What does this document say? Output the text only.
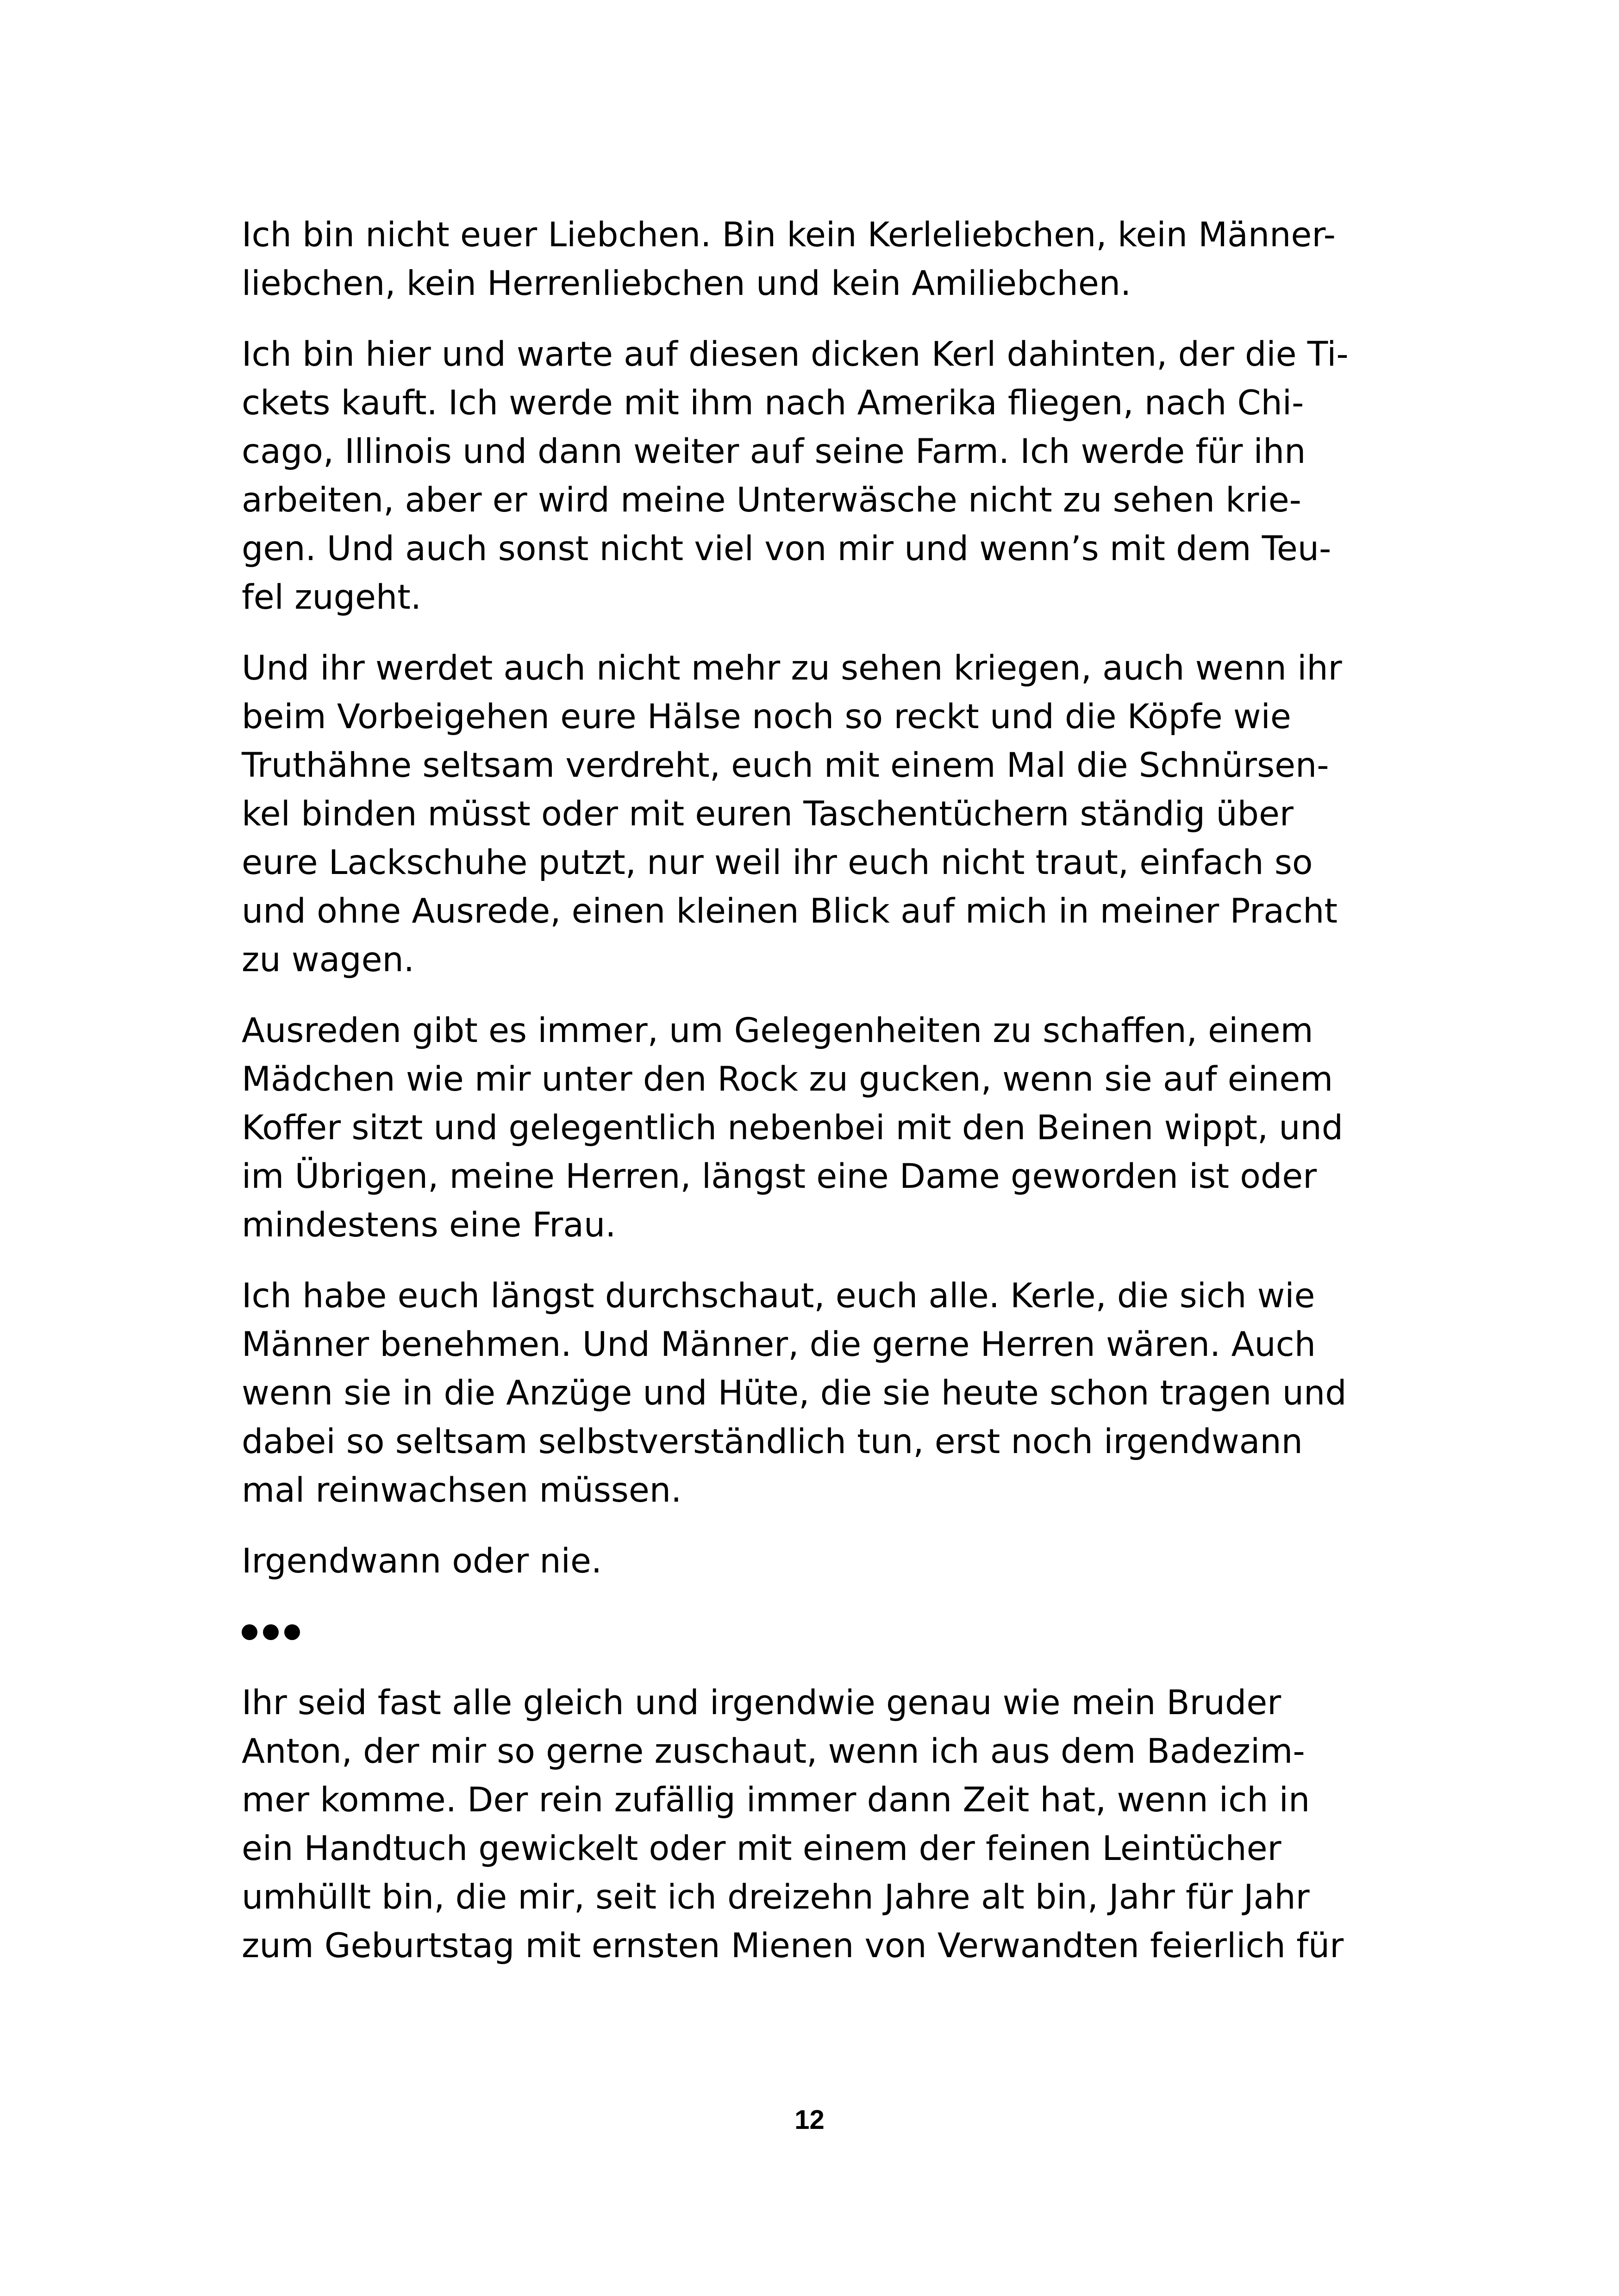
Ich bin nicht euer Liebchen. Bin kein Kerleliebchen, kein Männer-
liebchen, kein Herrenliebchen und kein Amiliebchen.

Ich bin hier und warte auf diesen dicken Kerl dahinten, der die Ti-
ckets kauft. Ich werde mit ihm nach Amerika fliegen, nach Chi-
cago, Illinois und dann weiter auf seine Farm. Ich werde für ihn
arbeiten, aber er wird meine Unterwäsche nicht zu sehen krie-
gen. Und auch sonst nicht viel von mir und wenn’s mit dem Teu-
fel zugeht.

Und ihr werdet auch nicht mehr zu sehen kriegen, auch wenn ihr
beim Vorbeigehen eure Hälse noch so reckt und die Köpfe wie
Truthähne seltsam verdreht, euch mit einem Mal die Schnürsen-
kel binden müsst oder mit euren Taschentüchern ständig über
eure Lackschuhe putzt, nur weil ihr euch nicht traut, einfach so
und ohne Ausrede, einen kleinen Blick auf mich in meiner Pracht
zu wagen.

Ausreden gibt es immer, um Gelegenheiten zu schaffen, einem
Mädchen wie mir unter den Rock zu gucken, wenn sie auf einem
Koffer sitzt und gelegentlich nebenbei mit den Beinen wippt, und
im Übrigen, meine Herren, längst eine Dame geworden ist oder
mindestens eine Frau.

Ich habe euch längst durchschaut, euch alle. Kerle, die sich wie
Männer benehmen. Und Männer, die gerne Herren wären. Auch
wenn sie in die Anzüge und Hüte, die sie heute schon tragen und
dabei so seltsam selbstverständlich tun, erst noch irgendwann
mal reinwachsen müssen.

Irgendwann oder nie.

Ihr seid fast alle gleich und irgendwie genau wie mein Bruder
Anton, der mir so gerne zuschaut, wenn ich aus dem Badezim-
mer komme. Der rein zufällig immer dann Zeit hat, wenn ich in
ein Handtuch gewickelt oder mit einem der feinen Leintücher
umhüllt bin, die mir, seit ich dreizehn Jahre alt bin, Jahr für Jahr
zum Geburtstag mit ernsten Mienen von Verwandten feierlich für

12
